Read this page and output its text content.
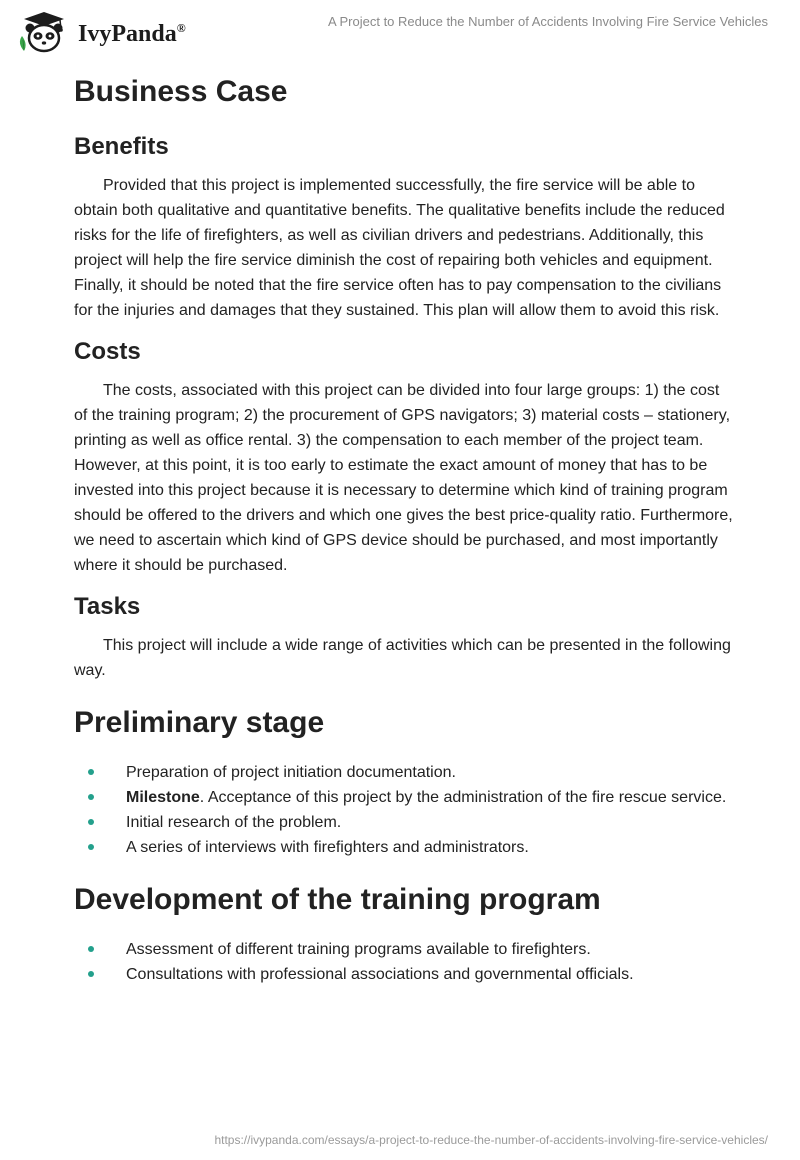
IvyPanda®	A Project to Reduce the Number of Accidents Involving Fire Service Vehicles
Business Case
Benefits

Provided that this project is implemented successfully, the fire service will be able to obtain both qualitative and quantitative benefits. The qualitative benefits include the reduced risks for the life of firefighters, as well as civilian drivers and pedestrians. Additionally, this project will help the fire service diminish the cost of repairing both vehicles and equipment. Finally, it should be noted that the fire service often has to pay compensation to the civilians for the injuries and damages that they sustained. This plan will allow them to avoid this risk.

Costs

The costs, associated with this project can be divided into four large groups: 1) the cost of the training program; 2) the procurement of GPS navigators; 3) material costs – stationery, printing as well as office rental. 3) the compensation to each member of the project team. However, at this point, it is too early to estimate the exact amount of money that has to be invested into this project because it is necessary to determine which kind of training program should be offered to the drivers and which one gives the best price-quality ratio. Furthermore, we need to ascertain which kind of GPS device should be purchased, and most importantly where it should be purchased.

Tasks

This project will include a wide range of activities which can be presented in the following way.

Preliminary stage
Preparation of project initiation documentation.
Milestone. Acceptance of this project by the administration of the fire rescue service.
Initial research of the problem.
A series of interviews with firefighters and administrators.
Development of the training program
Assessment of different training programs available to firefighters.
Consultations with professional associations and governmental officials.
https://ivypanda.com/essays/a-project-to-reduce-the-number-of-accidents-involving-fire-service-vehicles/
